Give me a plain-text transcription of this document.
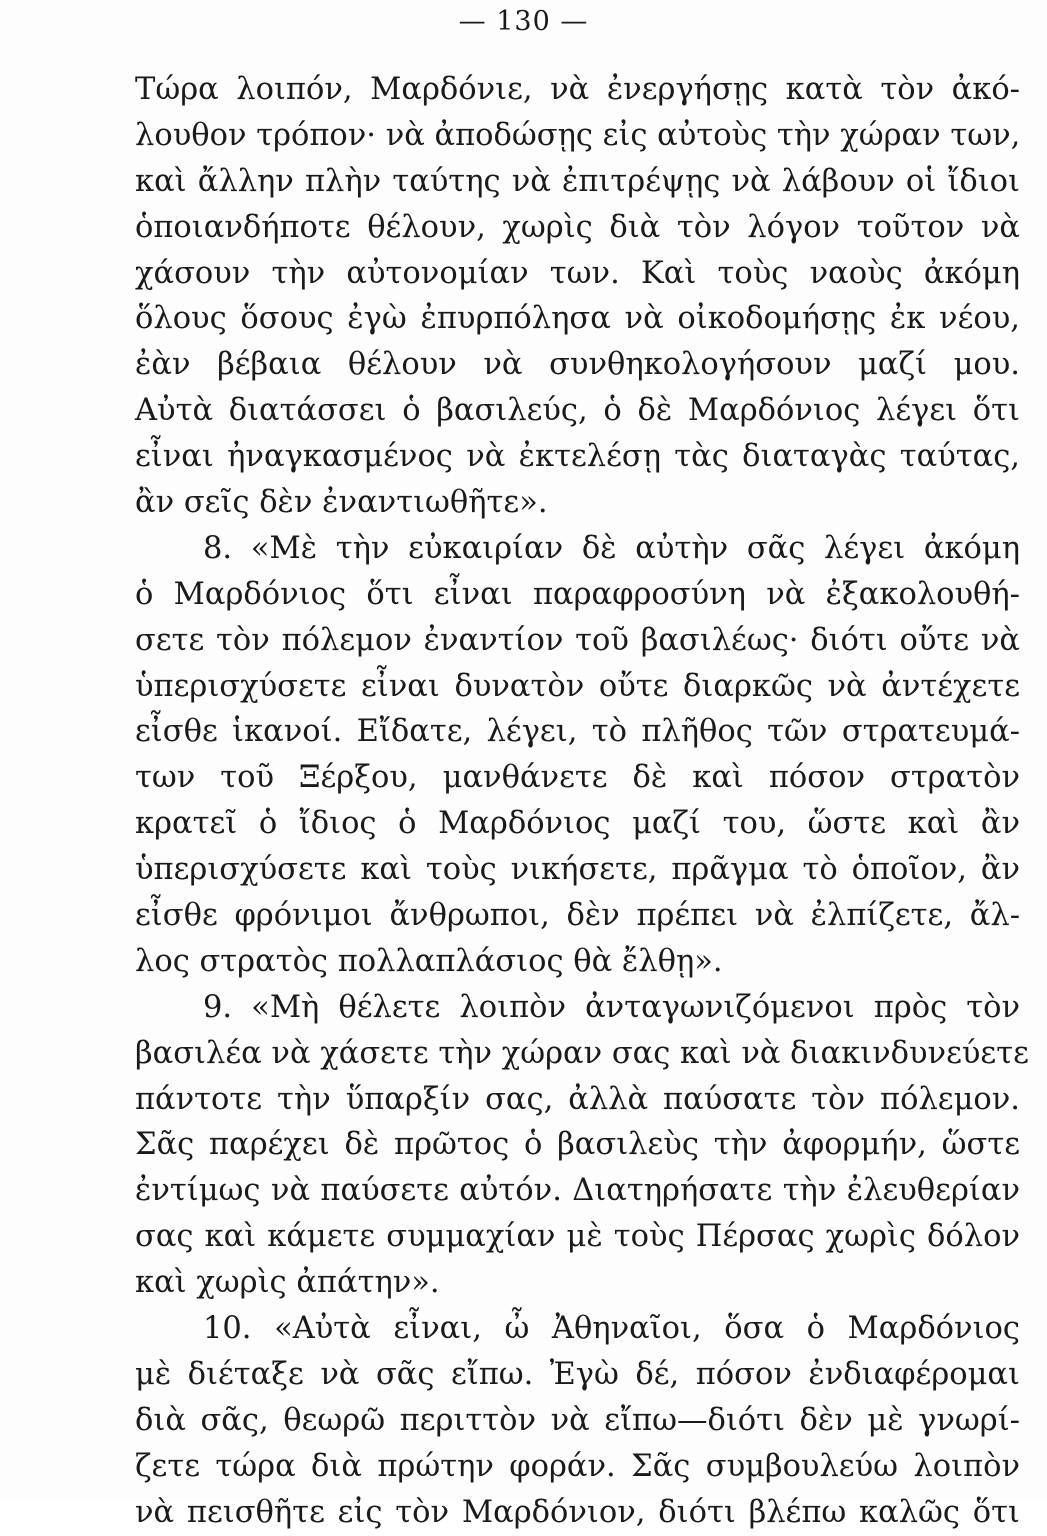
— 130 —
Τώρα λοιπόν, Μαρδόνιε, νὰ ἐνεργήσῃς κατὰ τὸν ἀκό-
λουθον τρόπον· νὰ ἀποδώσῃς εἰς αὐτοὺς τὴν χώραν των,
καὶ ἄλλην πλὴν ταύτης νὰ ἐπιτρέψῃς νὰ λάβουν οἱ ἴδιοι
ὁποιανδήποτε θέλουν, χωρὶς διὰ τὸν λόγον τοῦτον νὰ
χάσουν τὴν αὐτονομίαν των. Καὶ τοὺς ναοὺς ἀκόμη
ὅλους ὅσους ἐγὼ ἐπυρπόλησα νὰ οἰκοδομήσῃς ἐκ νέου,
ἐὰν βέβαια θέλουν νὰ συνθηκολογήσουν μαζί μου.
Αὐτὰ διατάσσει ὁ βασιλεύς, ὁ δὲ Μαρδόνιος λέγει ὅτι
εἶναι ἠναγκασμένος νὰ ἐκτελέσῃ τὰς διαταγὰς ταύτας,
ἂν σεῖς δὲν ἐναντιωθῆτε».
8. «Μὲ τὴν εὐκαιρίαν δὲ αὐτὴν σᾶς λέγει ἀκόμη
ὁ Μαρδόνιος ὅτι εἶναι παραφροσύνη νὰ ἐξακολουθή-
σετε τὸν πόλεμον ἐναντίον τοῦ βασιλέως· διότι οὔτε νὰ
ὑπερισχύσετε εἶναι δυνατὸν οὔτε διαρκῶς νὰ ἀντέχετε
εἶσθε ἱκανοί. Εἴδατε, λέγει, τὸ πλῆθος τῶν στρατευμά-
των τοῦ Ξέρξου, μανθάνετε δὲ καὶ πόσον στρατὸν
κρατεῖ ὁ ἴδιος ὁ Μαρδόνιος μαζί του, ὥστε καὶ ἂν
ὑπερισχύσετε καὶ τοὺς νικήσετε, πρᾶγμα τὸ ὁποῖον, ἂν
εἶσθε φρόνιμοι ἄνθρωποι, δὲν πρέπει νὰ ἐλπίζετε, ἄλ-
λος στρατὸς πολλαπλάσιος θὰ ἔλθῃ».
9. «Μὴ θέλετε λοιπὸν ἀνταγωνιζόμενοι πρὸς τὸν
βασιλέα νὰ χάσετε τὴν χώραν σας καὶ νὰ διακινδυνεύετε
πάντοτε τὴν ὕπαρξίν σας, ἀλλὰ παύσατε τὸν πόλεμον.
Σᾶς παρέχει δὲ πρῶτος ὁ βασιλεὺς τὴν ἀφορμήν, ὥστε
ἐντίμως νὰ παύσετε αὐτόν. Διατηρήσατε τὴν ἐλευθερίαν
σας καὶ κάμετε συμμαχίαν μὲ τοὺς Πέρσας χωρὶς δόλον
καὶ χωρὶς ἀπάτην».
10. «Αὐτὰ εἶναι, ὦ Ἀθηναῖοι, ὅσα ὁ Μαρδόνιος
μὲ διέταξε νὰ σᾶς εἴπω. Ἐγὼ δέ, πόσον ἐνδιαφέρομαι
διὰ σᾶς, θεωρῶ περιττὸν νὰ εἴπω—διότι δὲν μὲ γνωρί-
ζετε τώρα διὰ πρώτην φοράν. Σᾶς συμβουλεύω λοιπὸν
νὰ πεισθῆτε εἰς τὸν Μαρδόνιον, διότι βλέπω καλῶς ὅτι
